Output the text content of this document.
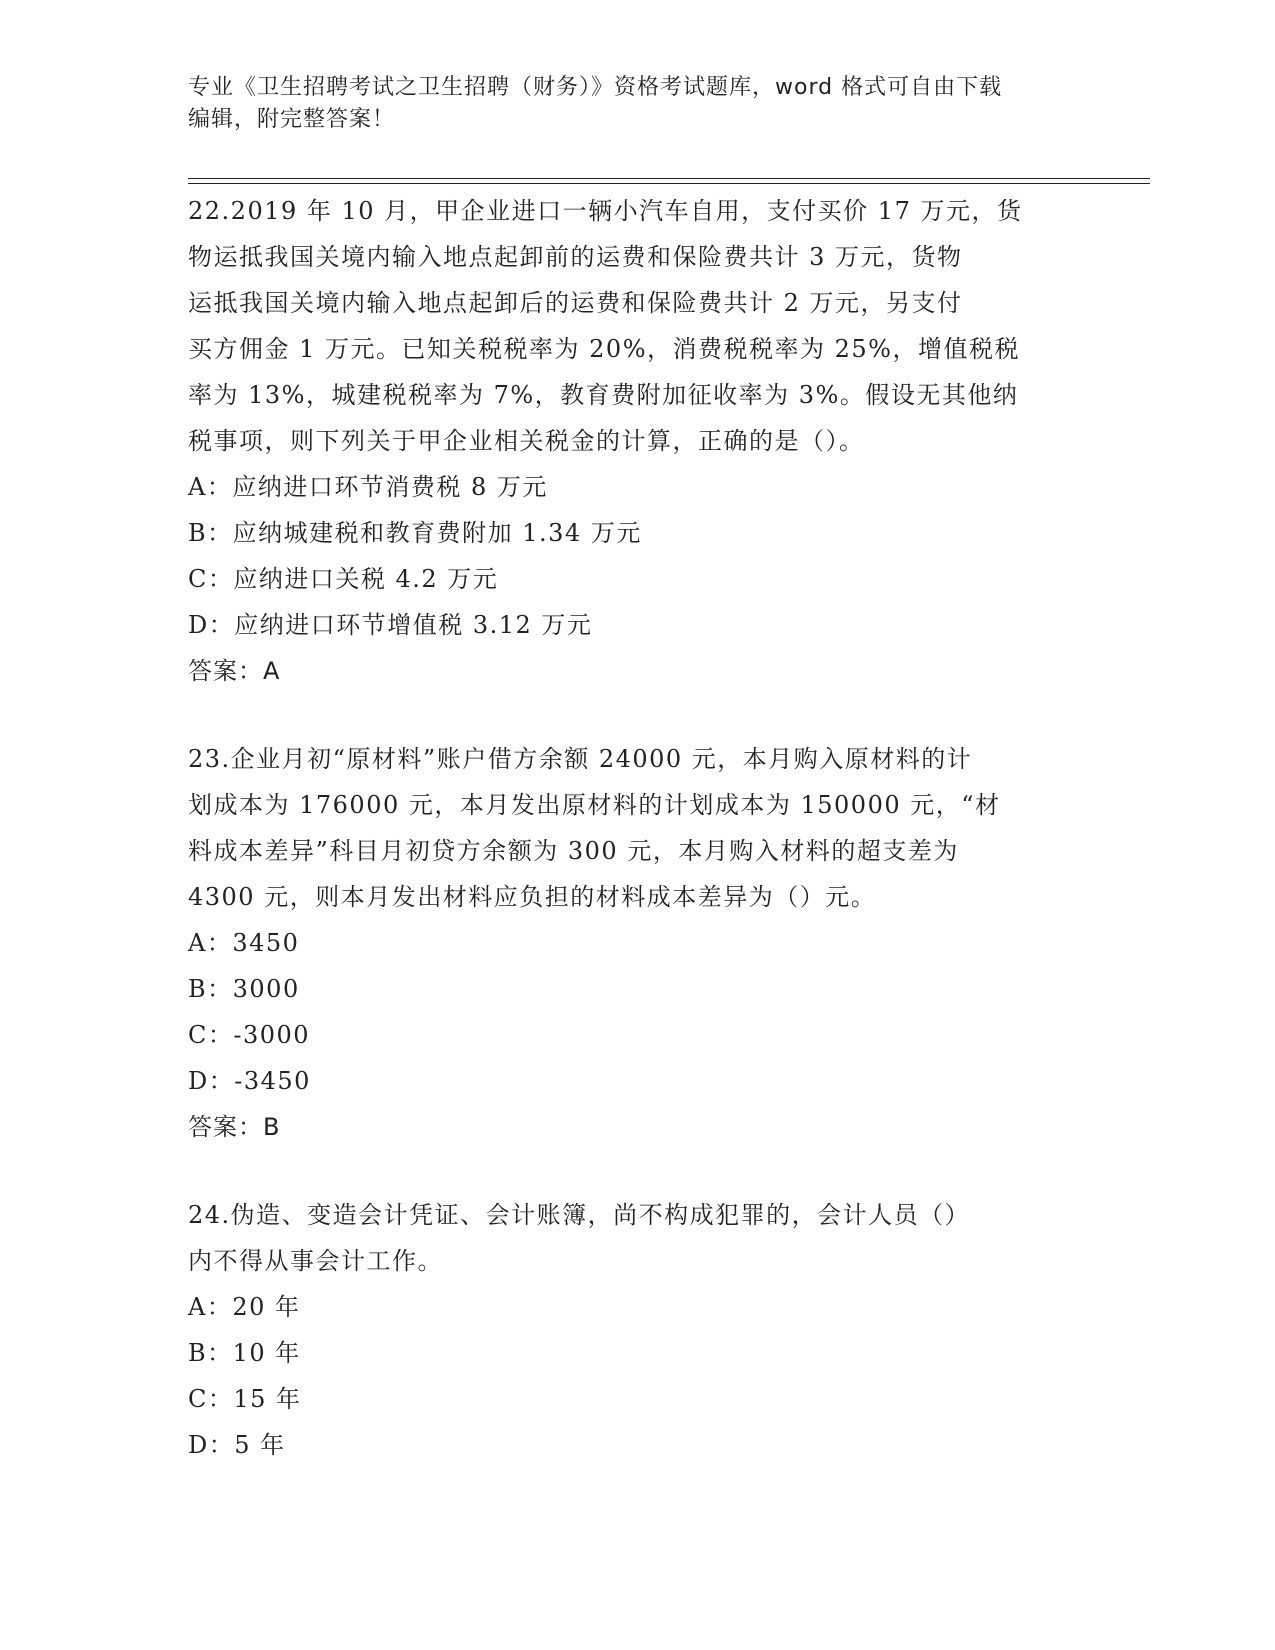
专业《卫生招聘考试之卫生招聘（财务）》资格考试题库，word 格式可自由下载
编辑，附完整答案！

22.2019 年 10 月，甲企业进口一辆小汽车自用，支付买价 17 万元，货

物运抵我国关境内输入地点起卸前的运费和保险费共计 3 万元，货物

运抵我国关境内输入地点起卸后的运费和保险费共计 2 万元，另支付

买方佣金 1 万元。已知关税税率为 20%，消费税税率为 25%，增值税税

率为 13%，城建税税率为 7%，教育费附加征收率为 3%。假设无其他纳

税事项，则下列关于甲企业相关税金的计算，正确的是（）。

A：应纳进口环节消费税 8 万元

B：应纳城建税和教育费附加 1.34 万元

C：应纳进口关税 4.2 万元

D：应纳进口环节增值税 3.12 万元

答案：A

23.企业月初“原材料”账户借方余额 24000 元，本月购入原材料的计

划成本为 176000 元，本月发出原材料的计划成本为 150000 元，“材

料成本差异”科目月初贷方余额为 300 元，本月购入材料的超支差为

4300 元，则本月发出材料应负担的材料成本差异为（）元。

A：3450

B：3000

C：-3000

D：-3450

答案：B

24.伪造、变造会计凭证、会计账簿，尚不构成犯罪的，会计人员（）

内不得从事会计工作。

A：20 年

B：10 年

C：15 年

D：5 年
